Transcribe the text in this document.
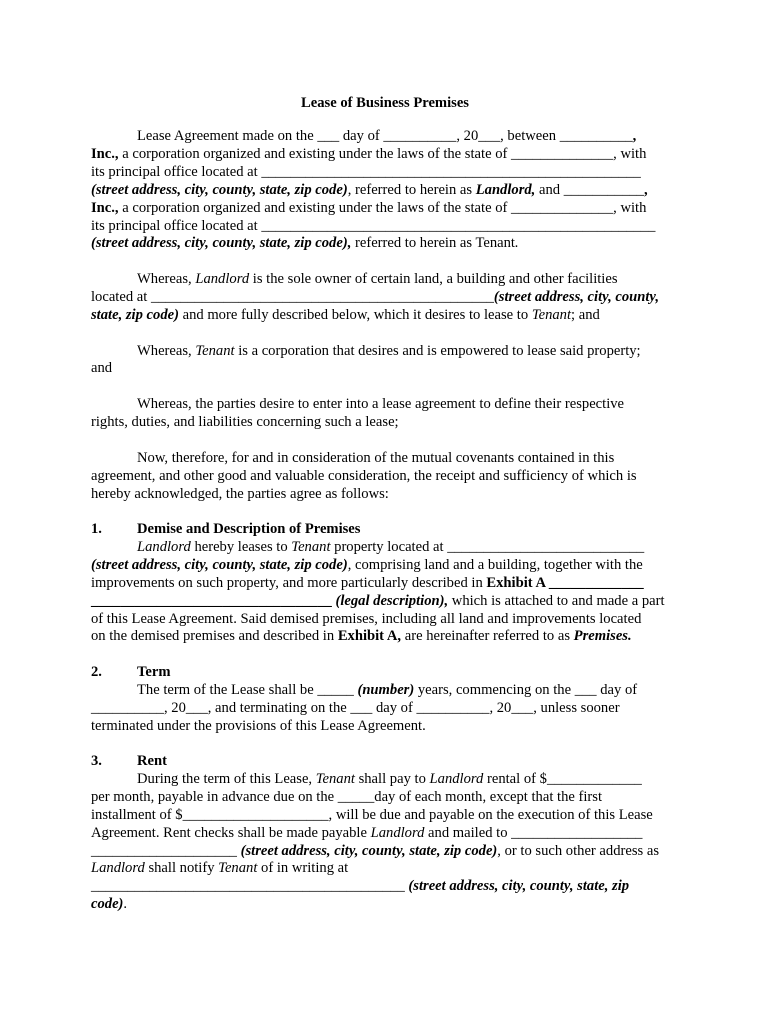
Lease of Business Premises
Lease Agreement made on the ___ day of __________, 20___, between __________,
Inc., a corporation organized and existing under the laws of the state of ______________, with
its principal office located at ____________________________________________________
(street address, city, county, state, zip code), referred to herein as Landlord, and ___________,
Inc., a corporation organized and existing under the laws of the state of ______________, with
its principal office located at ______________________________________________________
(street address, city, county, state, zip code), referred to herein as Tenant.
Whereas, Landlord is the sole owner of certain land, a building and other facilities
located at _______________________________________________(street address, city, county,
state, zip code) and more fully described below, which it desires to lease to Tenant; and
Whereas, Tenant is a corporation that desires and is empowered to lease said property;
and
Whereas, the parties desire to enter into a lease agreement to define their respective
rights, duties, and liabilities concerning such a lease;
Now, therefore, for and in consideration of the mutual covenants contained in this
agreement, and other good and valuable consideration, the receipt and sufficiency of which is
hereby acknowledged, the parties agree as follows:
1. Demise and Description of Premises
Landlord hereby leases to Tenant property located at ___________________________
(street address, city, county, state, zip code), comprising land and a building, together with the
improvements on such property, and more particularly described in Exhibit A _____________
_________________________________ (legal description), which is attached to and made a part
of this Lease Agreement. Said demised premises, including all land and improvements located
on the demised premises and described in Exhibit A, are hereinafter referred to as Premises.
2. Term
The term of the Lease shall be _____ (number) years, commencing on the ___ day of
__________, 20___, and terminating on the ___ day of __________, 20___, unless sooner
terminated under the provisions of this Lease Agreement.
3. Rent
During the term of this Lease, Tenant shall pay to Landlord rental of $_____________
per month, payable in advance due on the _____day of each month, except that the first
installment of $____________________, will be due and payable on the execution of this Lease
Agreement. Rent checks shall be made payable Landlord and mailed to __________________
____________________ (street address, city, county, state, zip code), or to such other address as
Landlord shall notify Tenant of in writing at
___________________________________________ (street address, city, county, state, zip
code).
